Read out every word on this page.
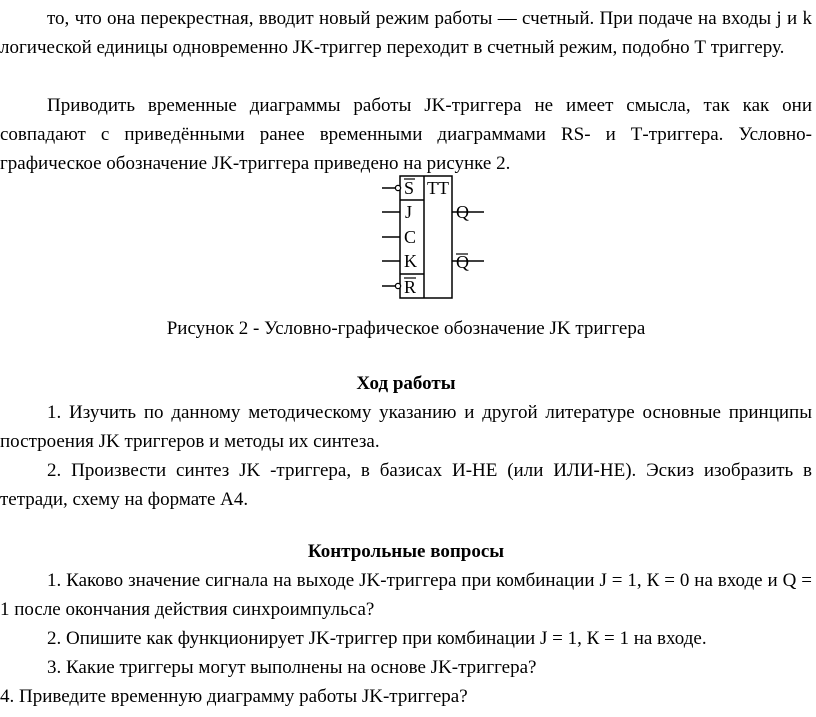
то, что она перекрестная, вводит новый режим работы — счетный. При подаче на входы j и k логической единицы одновременно JK-триггер переходит в счетный режим, подобно Т триггеру.

Приводить временные диаграммы работы JK-триггера не имеет смысла, так как они совпадают с приведёнными ранее временными диаграммами RS- и Т-триггера. Условно-графическое обозначение JK-триггера приведено на рисунке 2.

S
J
C
K
R
TT
Q
Q

Рисунок 2 - Условно-графическое обозначение JK триггера

Ход работы

1. Изучить по данному методическому указанию и другой литературе основные принципы построения JK триггеров и методы их синтеза.

2. Произвести синтез JK -триггера, в базисах И-НЕ (или ИЛИ-НЕ). Эскиз изобразить в тетради, схему на формате А4.

Контрольные вопросы

1. Каково значение сигнала на выходе JK-триггера при комбинации J = 1, К = 0 на входе и Q = 1 после окончания действия синхроимпульса?

2. Опишите как функционирует JK-триггер при комбинации J = 1, К = 1 на входе.

3. Какие триггеры могут выполнены на основе JK-триггера?

4. Приведите временную диаграмму работы JK-триггера?
